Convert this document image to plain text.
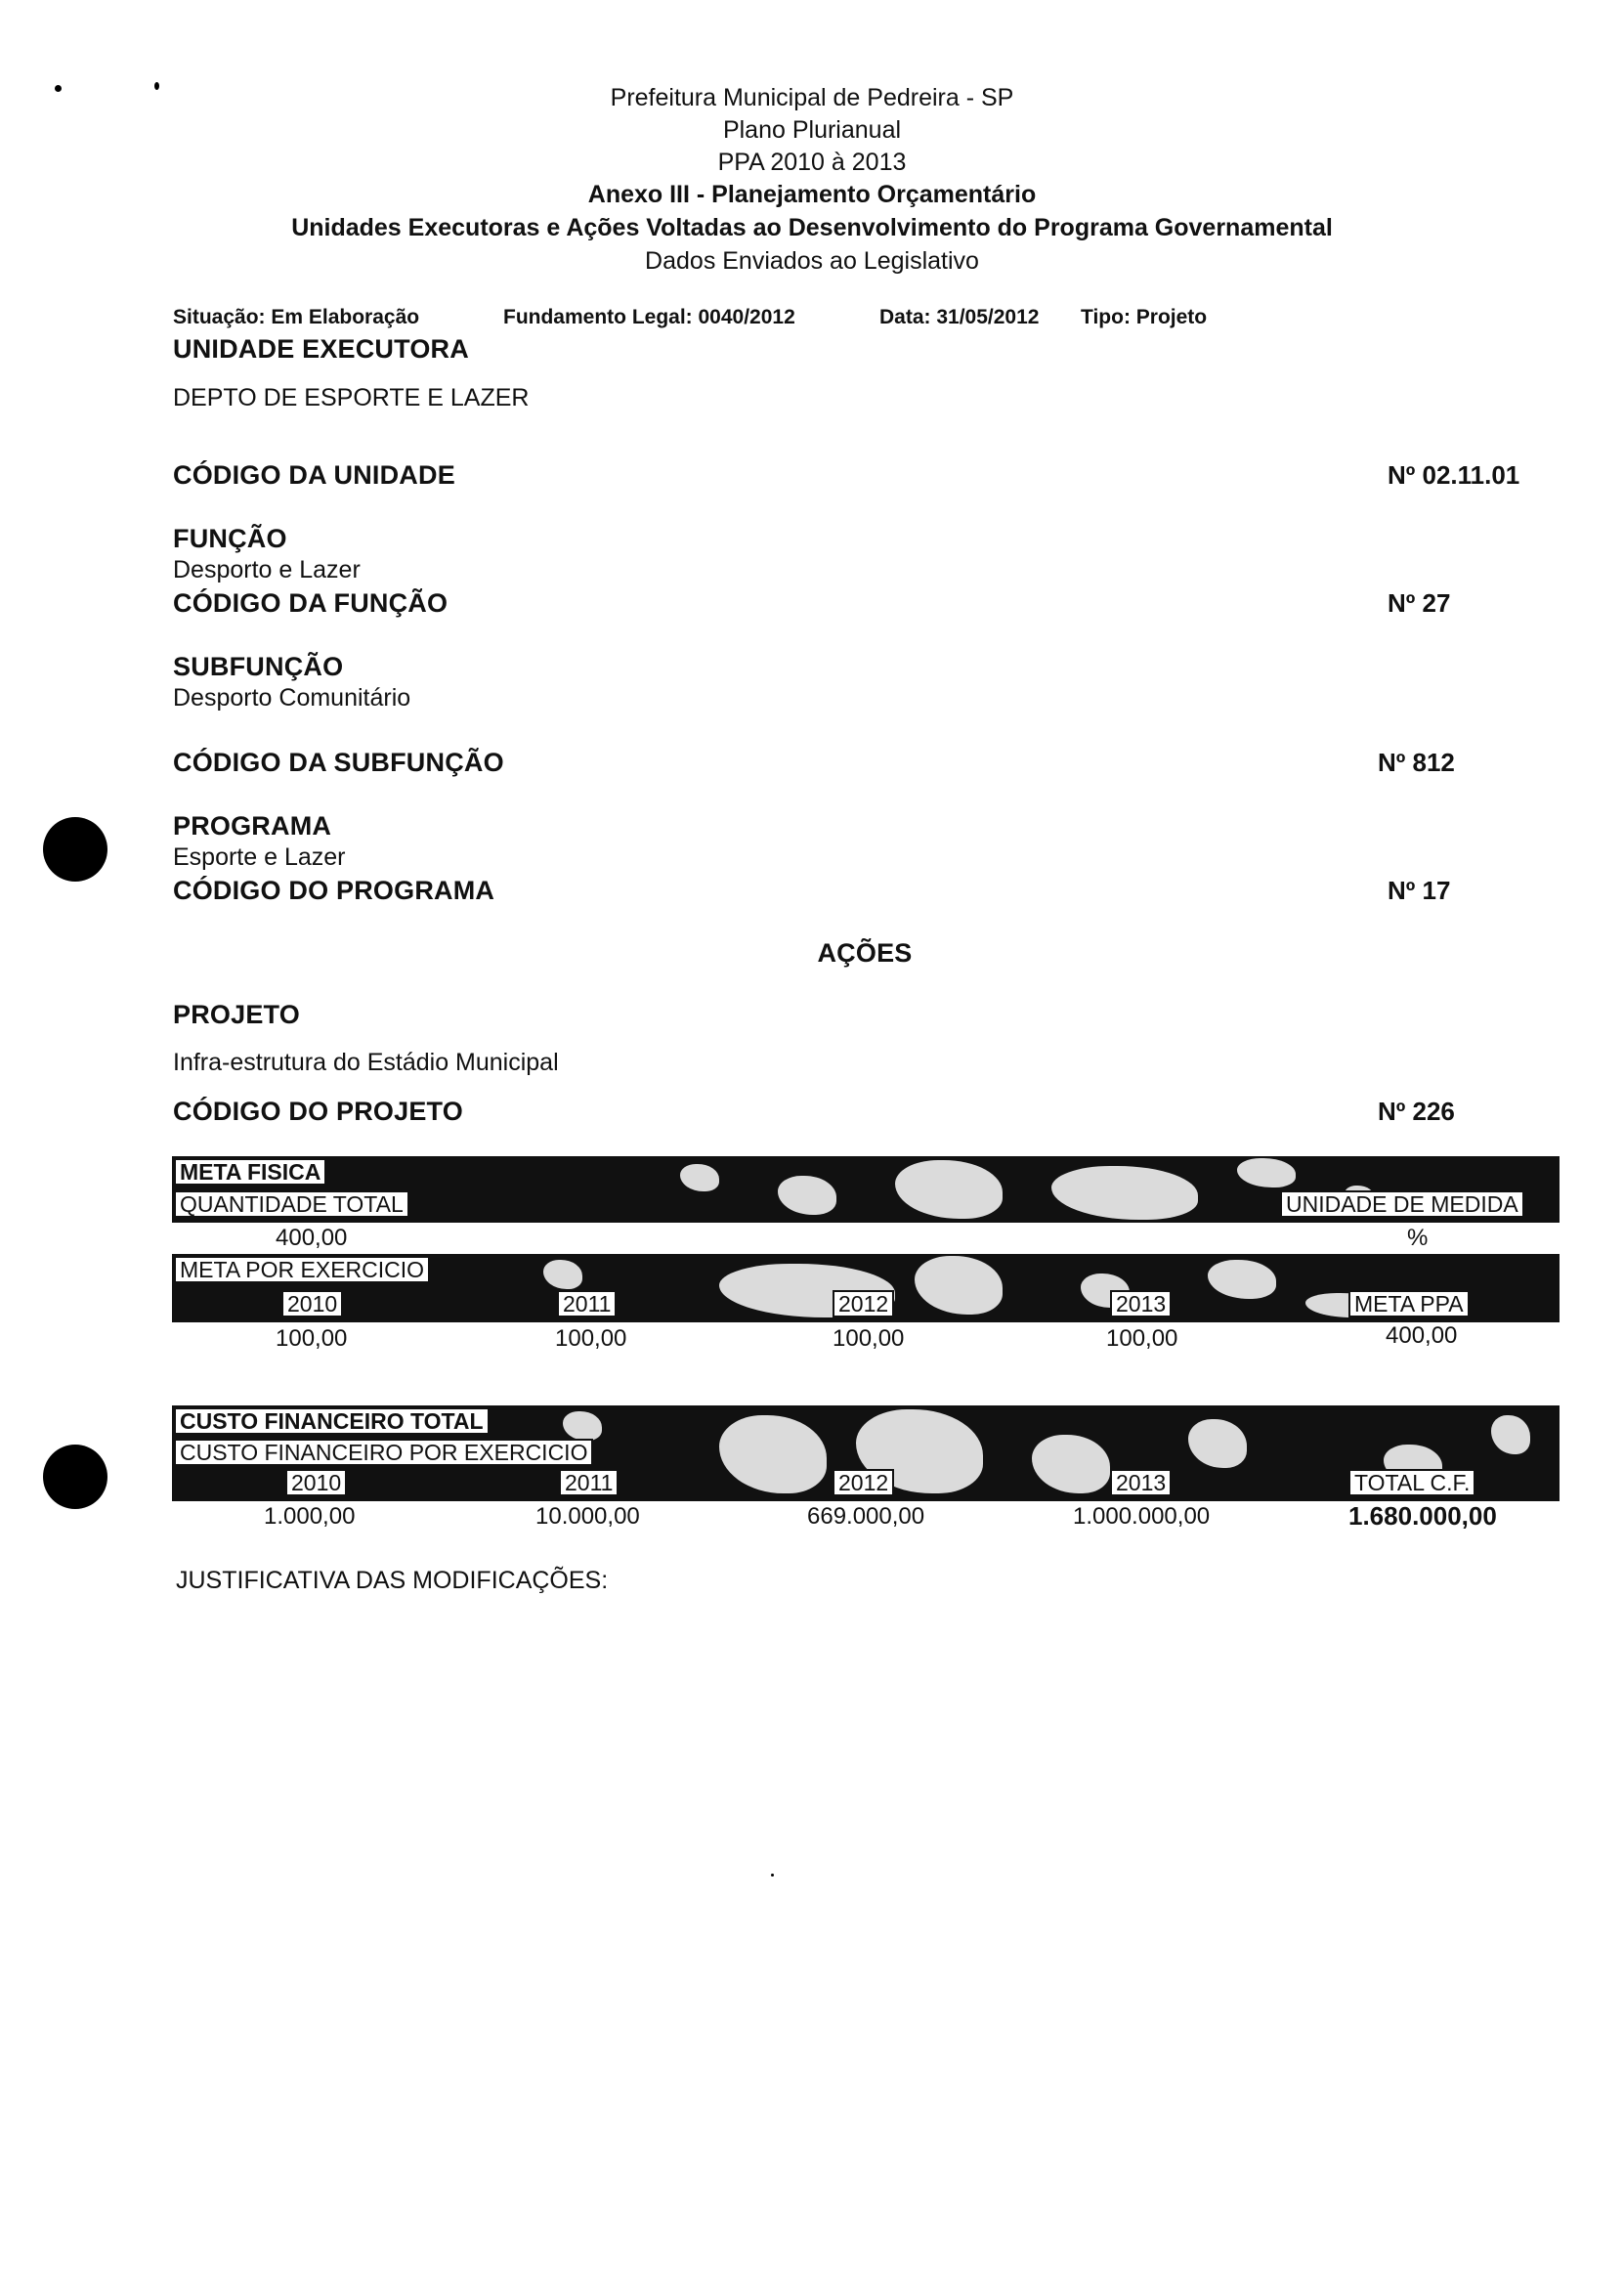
Prefeitura Municipal de Pedreira - SP
Plano Plurianual
PPA 2010 à 2013
Anexo III - Planejamento Orçamentário
Unidades Executoras e Ações Voltadas ao Desenvolvimento do Programa Governamental
Dados Enviados ao Legislativo
Situação: Em Elaboração	Fundamento Legal: 0040/2012	Data: 31/05/2012 Tipo: Projeto
UNIDADE EXECUTORA
DEPTO DE ESPORTE E LAZER
CÓDIGO DA UNIDADE	Nº 02.11.01
FUNÇÃO
Desporto e Lazer
CÓDIGO DA FUNÇÃO	Nº 27
SUBFUNÇÃO
Desporto Comunitário
CÓDIGO DA SUBFUNÇÃO	Nº 812
PROGRAMA
Esporte e Lazer
CÓDIGO DO PROGRAMA	Nº 17
AÇÕES
PROJETO
Infra-estrutura do Estádio Municipal
CÓDIGO DO PROJETO	Nº 226
META FISICA
QUANTIDADE TOTAL	UNIDADE DE MEDIDA
400,00	%
META POR EXERCICIO
2010	2011	2012	2013	META PPA
100,00	100,00	100,00	100,00	400,00
CUSTO FINANCEIRO TOTAL
CUSTO FINANCEIRO POR EXERCICIO
2010	2011	2012	2013	TOTAL C.F.
1.000,00	10.000,00	669.000,00	1.000.000,00	1.680.000,00
JUSTIFICATIVA DAS MODIFICAÇÕES:
